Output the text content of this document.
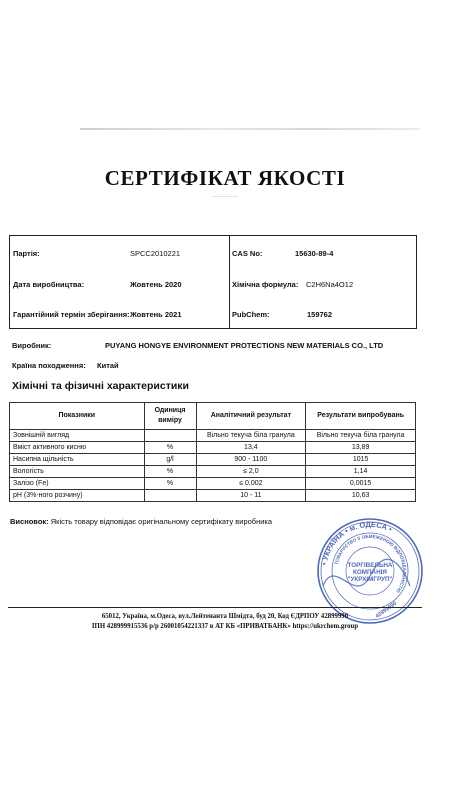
СЕРТИФІКАТ ЯКОСТІ
Партія:	SPCC2010221	CAS No:	15630-89-4
Дата виробництва:	Жовтень 2020	Хімічна формула: C2H6Na4O12
Гарантійний термін зберігання: Жовтень 2021	PubChem:	159762
Виробник:	PUYANG HONGYE ENVIRONMENT PROTECTIONS NEW MATERIALS CO., LTD
Країна походження: Китай
Хімічні та фізичні характеристики
Показники	Одиниця виміру	Аналітичний результат	Результати випробувань
Зовнішній вигляд		Вільно текуча біла гранула	Вільно текуча біла гранула
Вміст активного кисню	%	13,4	13,89
Насипна щільність	g/l	900 - 1100	1015
Вологість	%	≤ 2,0	1,14
Залізо (Fe)	%	≤ 0,002	0,0015
pH (3%-ного розчину)		10 - 11	10,63
Висновок: Якість товару відповідає оригінальному сертифікату виробника
• УКРАЇНА • м. ОДЕСА •
ТОВАРИСТВО З ОБМЕЖЕНОЮ ВІДПОВІДАЛЬНІСТЮ
ТОРГІВЕЛЬНА
КОМПАНІЯ
"УКРХІМГРУП"
42899990
65012, Україна, м.Одеса, вул.Лейтенанта Шмідта, буд 20, Код ЄДРПОУ 42899990
ІПН 428999915536 р/р 26001054221337 в АТ КБ «ПРИВАТБАНК» https://ukrchem.group
